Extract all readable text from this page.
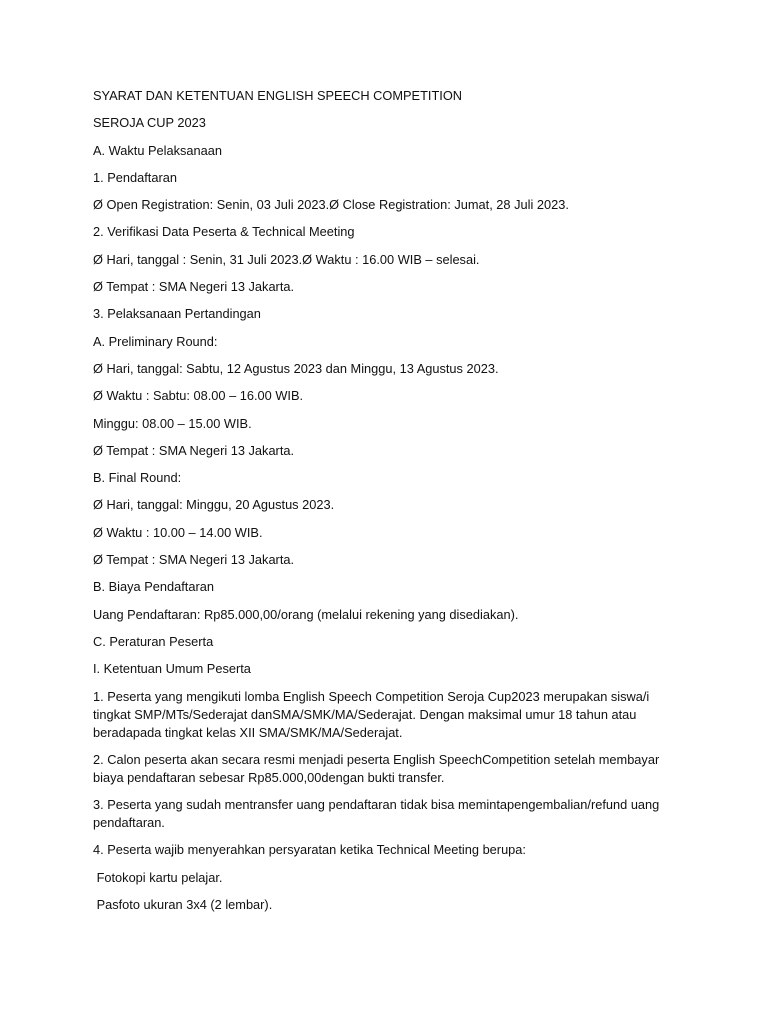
SYARAT DAN KETENTUAN ENGLISH SPEECH COMPETITION

SEROJA CUP 2023

A. Waktu Pelaksanaan

1. Pendaftaran

Ø Open Registration: Senin, 03 Juli 2023.Ø Close Registration: Jumat, 28 Juli 2023.

2. Verifikasi Data Peserta & Technical Meeting

Ø Hari, tanggal : Senin, 31 Juli 2023.Ø Waktu : 16.00 WIB – selesai.

Ø Tempat : SMA Negeri 13 Jakarta.

3. Pelaksanaan Pertandingan

A. Preliminary Round:

Ø Hari, tanggal: Sabtu, 12 Agustus 2023 dan Minggu, 13 Agustus 2023.

Ø Waktu : Sabtu: 08.00 – 16.00 WIB.

Minggu: 08.00 – 15.00 WIB.

Ø Tempat : SMA Negeri 13 Jakarta.

B. Final Round:

Ø Hari, tanggal: Minggu, 20 Agustus 2023.

Ø Waktu : 10.00 – 14.00 WIB.

Ø Tempat : SMA Negeri 13 Jakarta.

B. Biaya Pendaftaran

Uang Pendaftaran: Rp85.000,00/orang (melalui rekening yang disediakan).

C. Peraturan Peserta

I. Ketentuan Umum Peserta

1. Peserta yang mengikuti lomba English Speech Competition Seroja Cup2023 merupakan siswa/i tingkat SMP/MTs/Sederajat danSMA/SMK/MA/Sederajat. Dengan maksimal umur 18 tahun atau beradapada tingkat kelas XII SMA/SMK/MA/Sederajat.

2. Calon peserta akan secara resmi menjadi peserta English SpeechCompetition setelah membayar biaya pendaftaran sebesar Rp85.000,00dengan bukti transfer.

3. Peserta yang sudah mentransfer uang pendaftaran tidak bisa memintapengembalian/refund uang pendaftaran.

4. Peserta wajib menyerahkan persyaratan ketika Technical Meeting berupa:

Fotokopi kartu pelajar.

Pasfoto ukuran 3x4 (2 lembar).
